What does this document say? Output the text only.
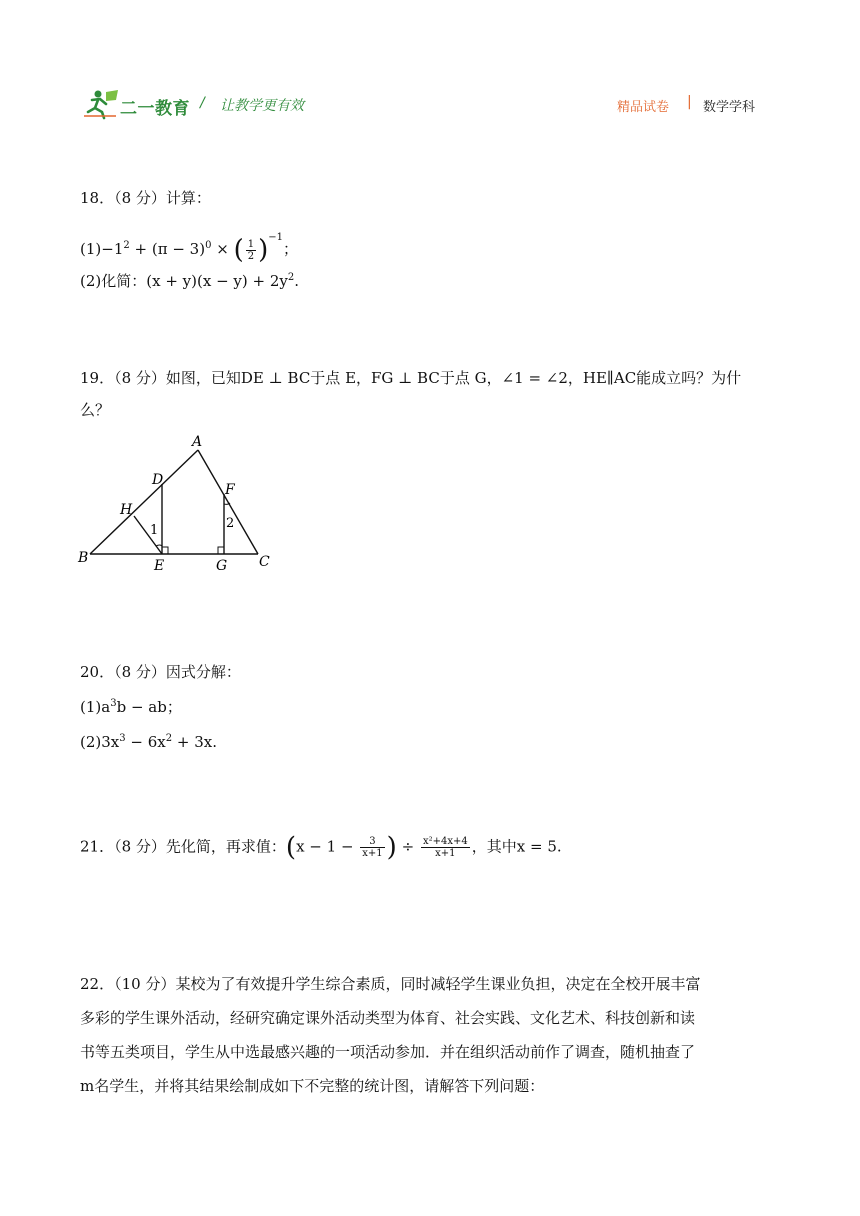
二一教育 / 让教学更有效	精品试卷 | 数学学科
18．（8 分）计算：
$(1)-1^2 + (\pi - 3)^0$ × ( $\frac{1}{2} )^{-1}$；
(2)化简：$(x + y)(x - y) + 2y^2$.
19．（8 分）如图，已知DE ⊥ BC于点 E，FG ⊥ BC于点 G，∠1 = ∠2，HE∥AC能成立吗？为什
么？
A
B	C
D
E
F
G
H
1	2
20．（8 分）因式分解：
$(1)a^3b$ − ab；
$(2)3x^3 - 6x^2 + 3x$.
21．（8 分）先化简，再求值：($x - 1 - \frac{3}{x+1}$ ) ÷ $\frac{\text{x²+4x+4}}{x+1}$ ，其中x = 5.
22．（10 分）某校为了有效提升学生综合素质，同时减轻学生课业负担，决定在全校开展丰富
多彩的学生课外活动，经研究确定课外活动类型为体育、社会实践、文化艺术、科技创新和读
书等五类项目，学生从中选最感兴趣的一项活动参加．并在组织活动前作了调查，随机抽查了
m名学生，并将其结果绘制成如下不完整的统计图，请解答下列问题：
